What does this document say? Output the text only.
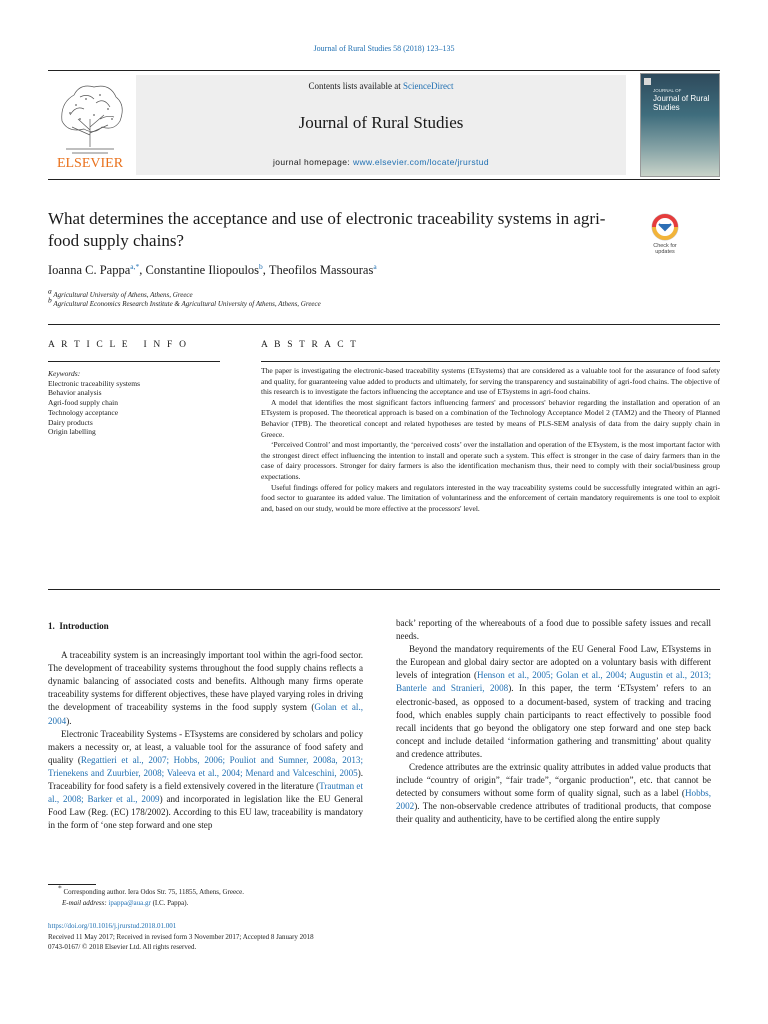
Journal of Rural Studies 58 (2018) 123–135
ELSEVIER
Contents lists available at ScienceDirect
Journal of Rural Studies
journal homepage: www.elsevier.com/locate/jrurstud
JOURNAL OF
Journal of Rural Studies
What determines the acceptance and use of electronic traceability systems in agri-food supply chains?	Check for
updates
Ioanna C. Pappa$^{a,*}$, Constantine Iliopoulos$^b$, Theofilos Massouras$^a$
$^a$ Agricultural University of Athens, Athens, Greece
$^b$ Agricultural Economics Research Institute & Agricultural University of Athens, Athens, Greece
A R T I C L E   I N F O	A B S T R A C T
Keywords:
Electronic traceability systems
Behavior analysis
Agri-food supply chain
Technology acceptance
Dairy products
Origin labelling

The paper is investigating the electronic-based traceability systems (ETsystems) that are considered as a valuable tool for the assurance of food safety and quality, for guaranteeing value added to products and ultimately, for serving the transparency and sustainability of agri-food chains. The objective of this research is to investigate the factors influencing the acceptance and use of ETsystems in agri-food chains.

A model that identifies the most significant factors influencing farmers' and processors' behavior regarding the installation and operation of an ETsystem is proposed. The theoretical approach is based on a combination of the Technology Acceptance Model 2 (TAM2) and the Theory of Planned Behavior (TPB). The theoretical concept and related hypotheses are tested by means of PLS-SEM analysis of data from the dairy supply chain in Greece.

‘Perceived Control’ and most importantly, the ‘perceived costs’ over the installation and operation of the ETsystem, is the most important factor with the strongest direct effect influencing the intention to install and operate such a system. This effect is stronger in the case of dairy farmers than in the case of dairy processors. Stronger for dairy farmers is also the identification mechanism thus, their need to comply with their social/business group expectations.

Useful findings offered for policy makers and regulators interested in the way traceability systems could be successfully integrated within an agri-food sector to guarantee its added value. The limitation of voluntariness and the enforcement of certain mandatory requirements is one tool to exploit and, based on our study, would be more effective at the processors' level.

1.  Introduction

A traceability system is an increasingly important tool within the agri-food sector. The development of traceability systems throughout the food supply chains reflects a dynamic balancing of associated costs and benefits. Although many firms operate traceability systems for different objectives, these have played varying roles in driving the development of traceability systems in the food supply system (Golan et al., 2004).

Electronic Traceability Systems - ETsystems are considered by scholars and policy makers a necessity or, at least, a valuable tool for the assurance of food safety and quality (Regattieri et al., 2007; Hobbs, 2006; Pouliot and Sumner, 2008a, 2013; Trienekens and Zuurbier, 2008; Valeeva et al., 2004; Menard and Valceschini, 2005). Traceability for food safety is a field extensively covered in the literature (Trautman et al., 2008; Barker et al., 2009) and incorporated in legislation like the EU General Food Law (Reg. (EC) 178/2002). According to this EU law, traceability is mandatory in the form of ‘one step forward and one step

back’ reporting of the whereabouts of a food due to possible safety issues and recall needs.

Beyond the mandatory requirements of the EU General Food Law, ETsystems in the European and global dairy sector are adopted on a voluntary basis with different levels of integration (Henson et al., 2005; Golan et al., 2004; Augustin et al., 2013; Banterle and Stranieri, 2008). In this paper, the term ‘ETsystem’ refers to an electronic-based, as opposed to a document-based, system of tracking and tracing food, which enables supply chain participants to react effectively to possible food recall incidents that go beyond the obligatory one step forward and one step back concept and include detailed ‘information gathering and transmitting’ about quality and credence attributes.

Credence attributes are the extrinsic quality attributes in added value products that include “country of origin”, “fair trade”, “organic production”, etc. that cannot be detected by consumers without some form of quality signal, such as a label (Hobbs, 2002). The non-observable credence attributes of traditional products, that compose their quality and authenticity, have to be certified along the entire supply

* Corresponding author. Iera Odos Str. 75, 11855, Athens, Greece.
E-mail address: ipappa@aua.gr (I.C. Pappa).
https://doi.org/10.1016/j.jrurstud.2018.01.001
Received 11 May 2017; Received in revised form 3 November 2017; Accepted 8 January 2018
0743-0167/ © 2018 Elsevier Ltd. All rights reserved.
